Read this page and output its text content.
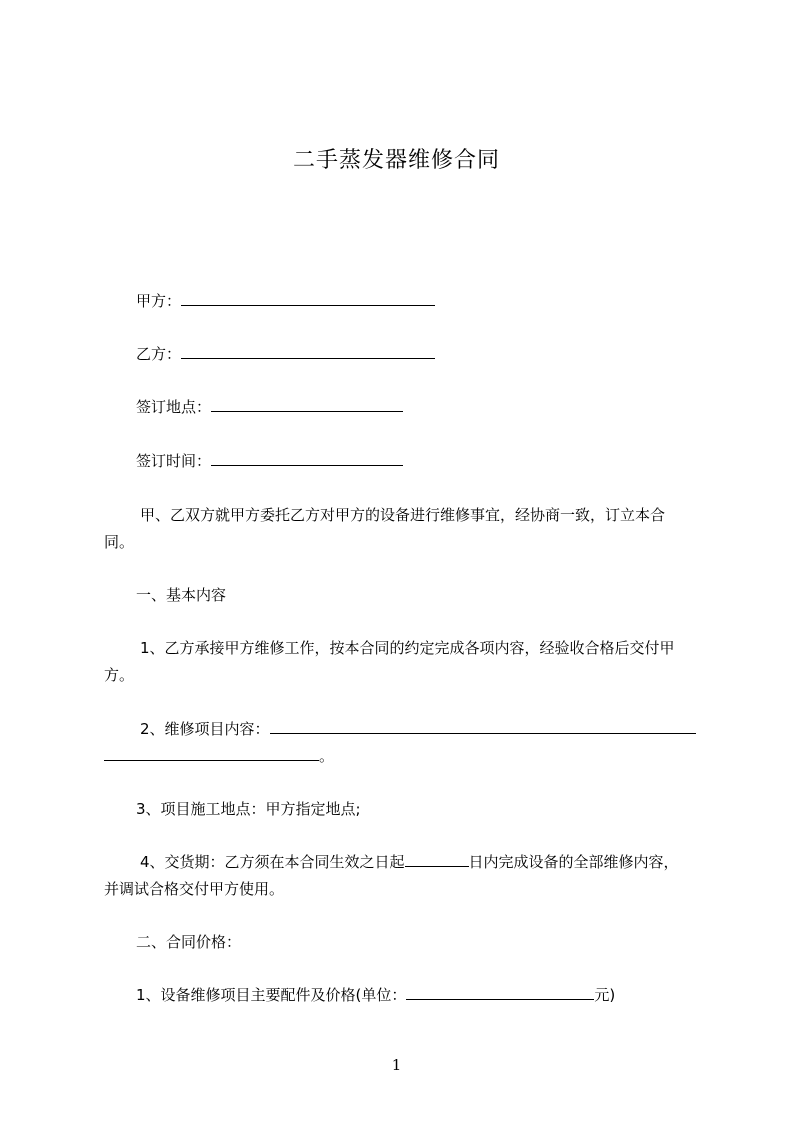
二手蒸发器维修合同
甲方：
乙方：
签订地点：
签订时间：
甲、乙双方就甲方委托乙方对甲方的设备进行维修事宜，经协商一致，订立本合
同。
一、基本内容
1、乙方承接甲方维修工作，按本合同的约定完成各项内容，经验收合格后交付甲
方。
2、维修项目内容：
。
3、项目施工地点：甲方指定地点;
4、交货期：乙方须在本合同生效之日起	日内完成设备的全部维修内容，
并调试合格交付甲方使用。
二、合同价格：
1、设备维修项目主要配件及价格(单位：	元)
1
